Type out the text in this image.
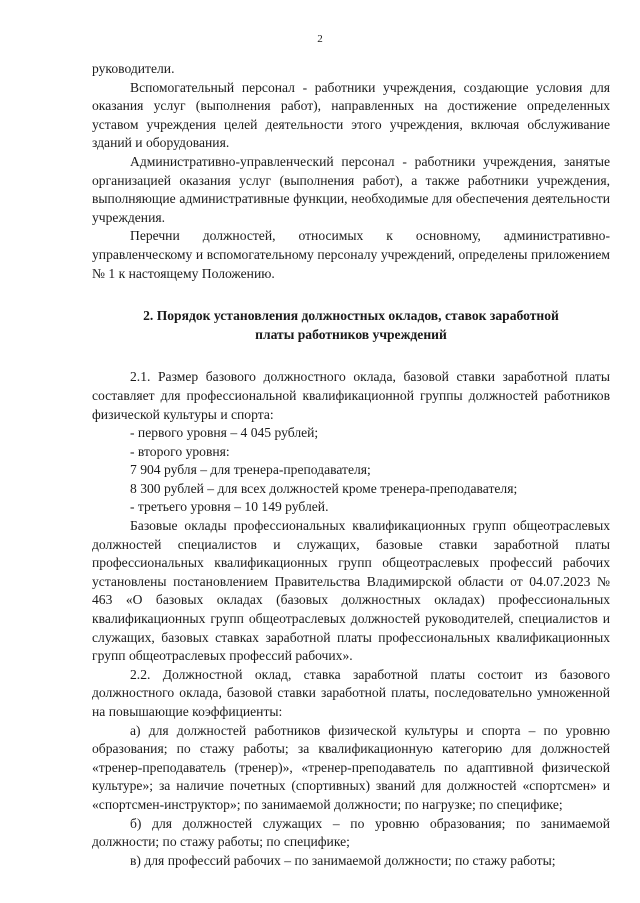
2

руководители.

Вспомогательный персонал - работники учреждения, создающие условия для оказания услуг (выполнения работ), направленных на достижение определенных уставом учреждения целей деятельности этого учреждения, включая обслуживание зданий и оборудования.

Административно-управленческий персонал - работники учреждения, занятые организацией оказания услуг (выполнения работ), а также работники учреждения, выполняющие административные функции, необходимые для обеспечения деятельности учреждения.

Перечни должностей, относимых к основному, административно-управленческому и вспомогательному персоналу учреждений, определены приложением № 1 к настоящему Положению.

2. Порядок установления должностных окладов, ставок заработной платы работников учреждений

2.1. Размер базового должностного оклада, базовой ставки заработной платы составляет для профессиональной квалификационной группы должностей работников физической культуры и спорта:

- первого уровня – 4 045 рублей;

- второго уровня:

7 904 рубля – для тренера-преподавателя;

8 300 рублей – для всех должностей кроме тренера-преподавателя;

- третьего уровня – 10 149 рублей.

Базовые оклады профессиональных квалификационных групп общеотраслевых должностей специалистов и служащих, базовые ставки заработной платы профессиональных квалификационных групп общеотраслевых профессий рабочих установлены постановлением Правительства Владимирской области от 04.07.2023 № 463 «О базовых окладах (базовых должностных окладах) профессиональных квалификационных групп общеотраслевых должностей руководителей, специалистов и служащих, базовых ставках заработной платы профессиональных квалификационных групп общеотраслевых профессий рабочих».

2.2. Должностной оклад, ставка заработной платы состоит из базового должностного оклада, базовой ставки заработной платы, последовательно умноженной на повышающие коэффициенты:

а) для должностей работников физической культуры и спорта – по уровню образования; по стажу работы; за квалификационную категорию для должностей «тренер-преподаватель (тренер)», «тренер-преподаватель по адаптивной физической культуре»; за наличие почетных (спортивных) званий для должностей «спортсмен» и «спортсмен-инструктор»; по занимаемой должности; по нагрузке; по специфике;

б) для должностей служащих – по уровню образования; по занимаемой должности; по стажу работы; по специфике;

в) для профессий рабочих – по занимаемой должности; по стажу работы;
